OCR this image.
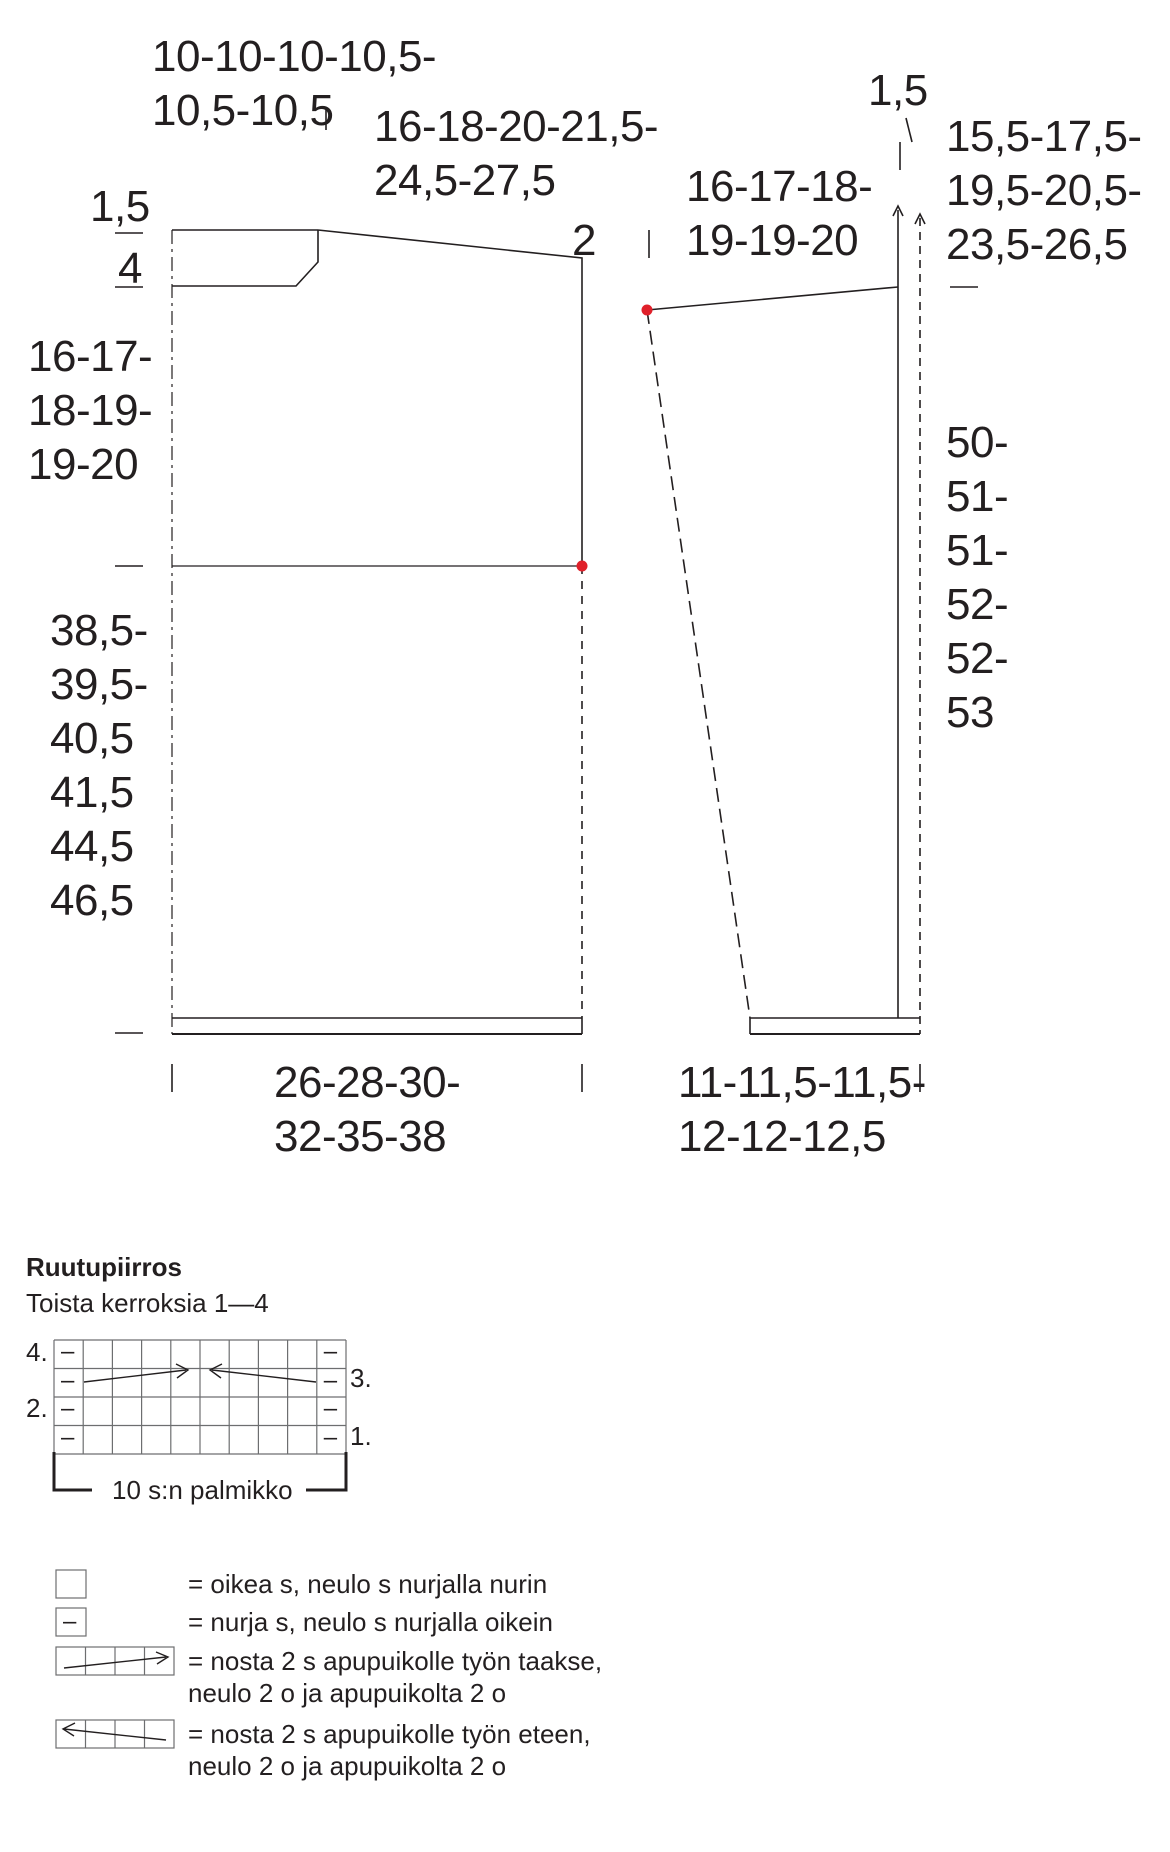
10-10-10-10,5-
10,5-10,5 16-18-20-21,5-
24,5-27,5
2
1,5
4
16-17-
18-19-
19-20
38,5-
39,5-
40,5
41,5
44,5
46,5
26-28-30-
32-35-38
1,5
16-17-18-
19-19-20
15,5-17,5-
19,5-20,5-
23,5-26,5
50-
51-
51-
52-
52-
53
11-11,5-11,5-
12-12-12,5
Ruutupiirros
Toista kerroksia 1—4
–
–
–
–
–
–
–
–
4.
3.
2.
1.
10 s:n palmikko
–
= oikea s, neulo s nurjalla nurin
= nurja s, neulo s nurjalla oikein
= nosta 2 s apupuikolle työn taakse,
neulo 2 o ja apupuikolta 2 o
= nosta 2 s apupuikolle työn eteen,
neulo 2 o ja apupuikolta 2 o
